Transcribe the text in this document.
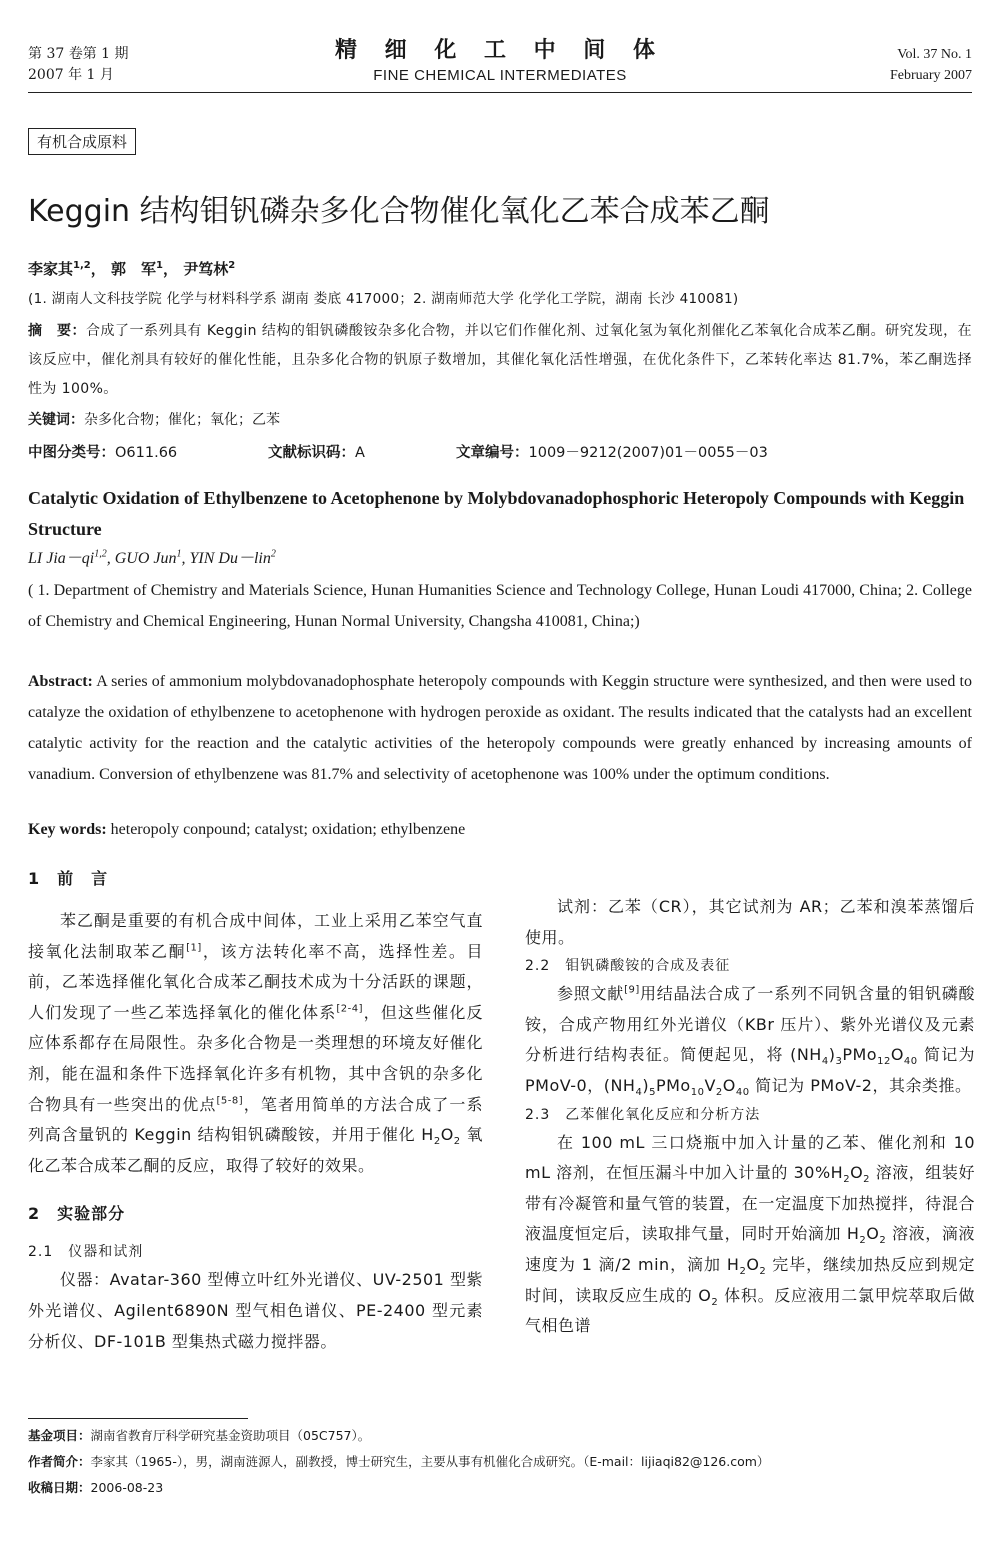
第 37 卷第 1 期
2007 年 1 月
精 细 化 工 中 间 体
FINE CHEMICAL INTERMEDIATES
Vol. 37 No. 1
February 2007
有机合成原料
Keggin 结构钼钒磷杂多化合物催化氧化乙苯合成苯乙酮
李家其$^{1,2}$， 郭　军$^1$， 尹笃林$^2$
(1. 湖南人文科技学院 化学与材料科学系 湖南 娄底 417000；2. 湖南师范大学 化学化工学院，湖南 长沙 410081)
摘　要：合成了一系列具有 Keggin 结构的钼钒磷酸铵杂多化合物，并以它们作催化剂、过氧化氢为氧化剂催化乙苯氧化合成苯乙酮。研究发现，在该反应中，催化剂具有较好的催化性能，且杂多化合物的钒原子数增加，其催化氧化活性增强，在优化条件下，乙苯转化率达 81.7%，苯乙酮选择性为 100%。
关键词：杂多化合物；催化；氧化；乙苯
中图分类号：O611.66	文献标识码：A	文章编号：1009－9212(2007)01－0055－03
Catalytic Oxidation of Ethylbenzene to Acetophenone by Molybdovanadophosphoric Heteropoly Compounds with Keggin Structure
LI Jia－qi$^{1,2}$, GUO Jun$^1$, YIN Du－lin$^2$
( 1. Department of Chemistry and Materials Science, Hunan Humanities Science and Technology College, Hunan Loudi 417000, China; 2. College of Chemistry and Chemical Engineering, Hunan Normal University, Changsha 410081, China;)
Abstract: A series of ammonium molybdovanadophosphate heteropoly compounds with Keggin structure were synthesized, and then were used to catalyze the oxidation of ethylbenzene to acetophenone with hydrogen peroxide as oxidant. The results indicated that the catalysts had an excellent catalytic activity for the reaction and the catalytic activities of the heteropoly compounds were greatly enhanced by increasing amounts of vanadium. Conversion of ethylbenzene was 81.7% and selectivity of acetophenone was 100% under the optimum conditions.
Key words: heteropoly conpound; catalyst; oxidation; ethylbenzene

1　前　言

苯乙酮是重要的有机合成中间体，工业上采用乙苯空气直接氧化法制取苯乙酮[1]，该方法转化率不高，选择性差。目前，乙苯选择催化氧化合成苯乙酮技术成为十分活跃的课题，人们发现了一些乙苯选择氧化的催化体系[2-4]，但这些催化反应体系都存在局限性。杂多化合物是一类理想的环境友好催化剂，能在温和条件下选择氧化许多有机物，其中含钒的杂多化合物具有一些突出的优点[5-8]，笔者用简单的方法合成了一系列高含量钒的 Keggin 结构钼钒磷酸铵，并用于催化 $H_2O_2$ 氧化乙苯合成苯乙酮的反应，取得了较好的效果。

2　实验部分

2.1　仪器和试剂

仪器：Avatar-360 型傅立叶红外光谱仪、UV-2501 型紫外光谱仪、Agilent6890N 型气相色谱仪、PE-2400 型元素分析仪、DF-101B 型集热式磁力搅拌器。

试剂：乙苯（CR），其它试剂为 AR；乙苯和溴苯蒸馏后使用。

2.2　钼钒磷酸铵的合成及表征

参照文献[9]用结晶法合成了一系列不同钒含量的钼钒磷酸铵，合成产物用红外光谱仪（KBr 压片）、紫外光谱仪及元素分析进行结构表征。简便起见，将 $(NH_4)_3PMo_{12}O_{40}$ 简记为 PMoV-0，$(NH_4)_5PMo_{10}V_2O_{40}$ 简记为 PMoV-2，其余类推。

2.3　乙苯催化氧化反应和分析方法

在 100 mL 三口烧瓶中加入计量的乙苯、催化剂和 10 mL 溶剂，在恒压漏斗中加入计量的 $30\%H_2O_2$ 溶液，组装好带有冷凝管和量气管的装置，在一定温度下加热搅拌，待混合液温度恒定后，读取排气量，同时开始滴加 $H_2O_2$ 溶液，滴液速度为 1 滴/2 min，滴加 $H_2O_2$ 完毕，继续加热反应到规定时间，读取反应生成的 $O_2$ 体积。反应液用二氯甲烷萃取后做气相色谱

基金项目：湖南省教育厅科学研究基金资助项目（05C757）。
作者简介：李家其（1965-），男，湖南涟源人，副教授，博士研究生，主要从事有机催化合成研究。（E-mail：lijiaqi82@126.com）
收稿日期：2006-08-23
